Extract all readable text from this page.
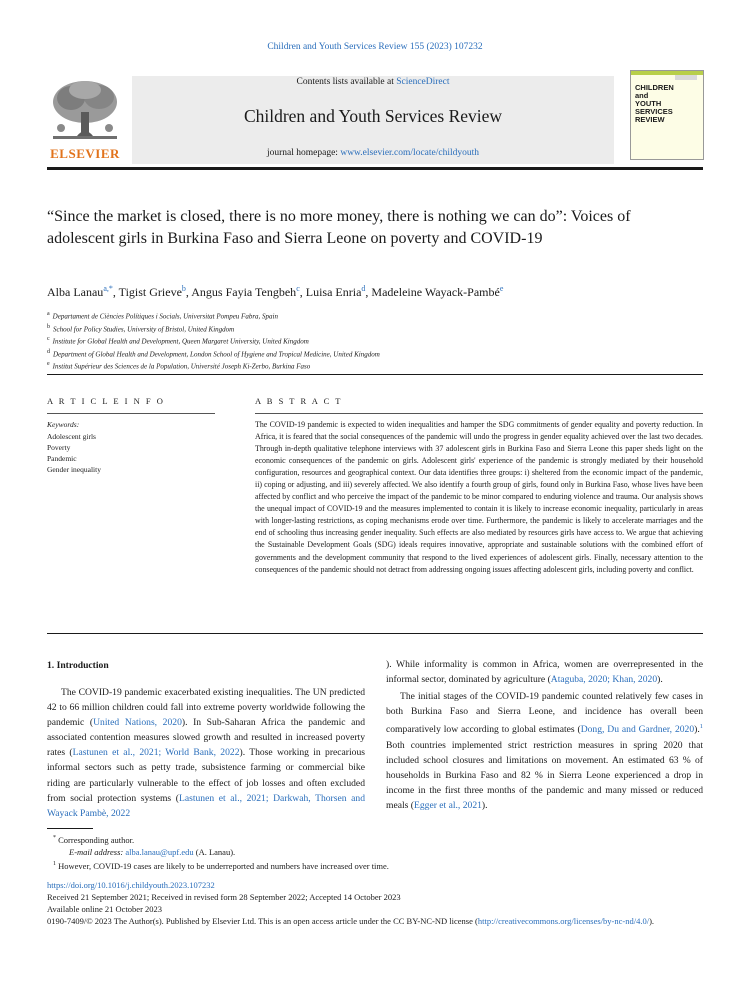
Children and Youth Services Review 155 (2023) 107232
ELSEVIER
Contents lists available at ScienceDirect
Children and Youth Services Review
journal homepage: www.elsevier.com/locate/childyouth
CHILDREN
and
YOUTH
SERVICES
REVIEW
“Since the market is closed, there is no more money, there is nothing we can do”: Voices of adolescent girls in Burkina Faso and Sierra Leone on poverty and COVID-19
Alba Lanau$^{a,*}$, Tigist Grieve$^b$, Angus Fayia Tengbeh$^c$, Luisa Enria$^d$, Madeleine Wayack-Pambé$^e$
$^a$ Departament de Ciències Polítiques i Socials, Universitat Pompeu Fabra, Spain
$^b$ School for Policy Studies, University of Bristol, United Kingdom
$^c$ Institute for Global Health and Development, Queen Margaret University, United Kingdom
$^d$ Department of Global Health and Development, London School of Hygiene and Tropical Medicine, United Kingdom
$^e$ Institut Supérieur des Sciences de la Population, Université Joseph Ki-Zerbo, Burkina Faso
A R T I C L E I N F O
Keywords:
Adolescent girls
Poverty
Pandemic
Gender inequality
A B S T R A C T
The COVID-19 pandemic is expected to widen inequalities and hamper the SDG commitments of gender equality and poverty reduction. In Africa, it is feared that the social consequences of the pandemic will undo the progress in gender equality achieved over the last two decades. Through in-depth qualitative telephone interviews with 37 adolescent girls in Burkina Faso and Sierra Leone this paper sheds light on the economic consequences of the pandemic on girls. Adolescent girls' experience of the pandemic is strongly mediated by their household configuration, resources and geographical context. Our data identifies three groups: i) sheltered from the economic impact of the pandemic, ii) coping or adjusting, and iii) severely affected. We also identify a fourth group of girls, found only in Burkina Faso, whose lives have been affected by conflict and who perceive the impact of the pandemic to be minor compared to enduring violence and trauma. Our analysis shows the unequal impact of COVID-19 and the measures implemented to contain it is likely to increase economic inequality, particularly in areas with longer-lasting restrictions, as coping mechanisms erode over time. Furthermore, the pandemic is likely to accelerate marriages and the end of schooling thus increasing gender inequality. Such effects are also mediated by resources girls have access to. We argue that achieving the Sustainable Development Goals (SDG) ideals requires innovative, appropriate and sustainable solutions with the combined effort of governments and the development community that respond to the lived experiences of adolescent girls. Finally, necessary attention to the consequences of the pandemic should not detract from addressing ongoing issues affecting adolescent girls, including poverty and conflict.
1. Introduction

The COVID-19 pandemic exacerbated existing inequalities. The UN predicted 42 to 66 million children could fall into extreme poverty worldwide following the pandemic (United Nations, 2020). In Sub-Saharan Africa the pandemic and associated contention measures slowed growth and resulted in increased poverty rates (Lastunen et al., 2021; World Bank, 2022). Those working in precarious informal sectors such as petty trade, subsistence farming or commercial bike riding are particularly vulnerable to the effect of job losses and often excluded from social protection systems (Lastunen et al., 2021; Darkwah, Thorsen and Wayack Pambè, 2022

). While informality is common in Africa, women are overrepresented in the informal sector, dominated by agriculture (Ataguba, 2020; Khan, 2020).

The initial stages of the COVID-19 pandemic counted relatively few cases in both Burkina Faso and Sierra Leone, and incidence has overall been comparatively low according to global estimates (Dong, Du and Gardner, 2020).$^1$ Both countries implemented strict restriction measures in spring 2020 that included school closures and limitations on movement. An estimated 63 % of households in Burkina Faso and 82 % in Sierra Leone experienced a drop in income in the first three months of the pandemic and many missed or reduced meals (Egger et al., 2021).

* Corresponding author.
E-mail address: alba.lanau@upf.edu (A. Lanau).
$^1$ However, COVID-19 cases are likely to be underreported and numbers have increased over time.
https://doi.org/10.1016/j.childyouth.2023.107232
Received 21 September 2021; Received in revised form 28 September 2022; Accepted 14 October 2023
Available online 21 October 2023
0190-7409/© 2023 The Author(s). Published by Elsevier Ltd. This is an open access article under the CC BY-NC-ND license (http://creativecommons.org/licenses/by-nc-nd/4.0/).
